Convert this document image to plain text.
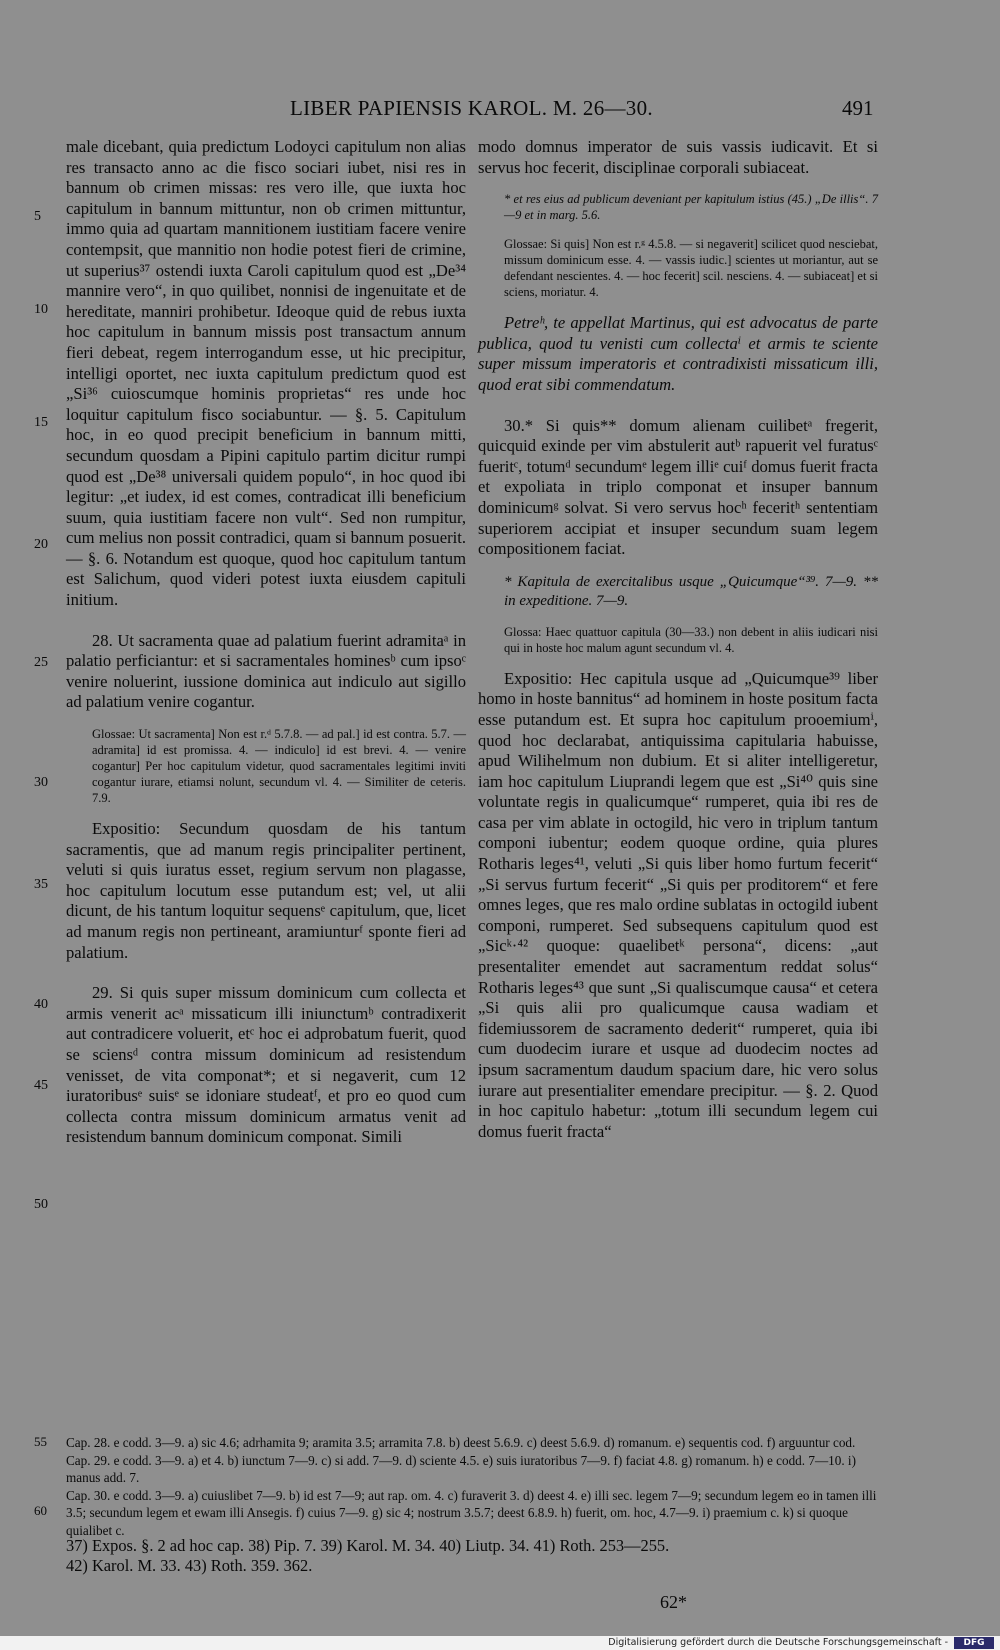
LIBER PAPIENSIS KAROL. M. 26—30.	491
5
10
15
20
25
30
35
40
45
50

male dicebant, quia predictum Lodoyci capitulum non alias res transacto anno ac die fisco sociari iubet, nisi res in bannum ob crimen missas: res vero ille, que iuxta hoc capitulum in bannum mittuntur, non ob crimen mittuntur, immo quia ad quartam mannitionem iustitiam facere venire contempsit, que mannitio non hodie potest fieri de crimine, ut superius³⁷ ostendi iuxta Caroli capitulum quod est „De³⁴ mannire vero“, in quo quilibet, nonnisi de ingenuitate et de hereditate, manniri prohibetur. Ideoque quid de rebus iuxta hoc capitulum in bannum missis post transactum annum fieri debeat, regem interrogandum esse, ut hic precipitur, intelligi oportet, nec iuxta capitulum predictum quod est „Si³⁶ cuioscumque hominis proprietas“ res unde hoc loquitur capitulum fisco sociabuntur. — §. 5. Capitulum hoc, in eo quod precipit beneficium in bannum mitti, secundum quosdam a Pipini capitulo partim dicitur rumpi quod est „De³⁸ universali quidem populo“, in hoc quod ibi legitur: „et iudex, id est comes, contradicat illi beneficium suum, quia iustitiam facere non vult“. Sed non rumpitur, cum melius non possit contradici, quam si bannum posuerit. — §. 6. Notandum est quoque, quod hoc capitulum tantum est Salichum, quod videri potest iuxta eiusdem capituli initium.

28. Ut sacramenta quae ad palatium fuerint adramitaᵃ in palatio perficiantur: et si sacramentales hominesᵇ cum ipsoᶜ venire noluerint, iussione dominica aut indiculo aut sigillo ad palatium venire cogantur.

Glossae: Ut sacramenta] Non est r.ᵈ 5.7.8. — ad pal.] id est contra. 5.7. — adramita] id est promissa. 4. — indiculo] id est brevi. 4. — venire cogantur] Per hoc capitulum videtur, quod sacramentales legitimi inviti cogantur iurare, etiamsi nolunt, secundum vl. 4. — Similiter de ceteris. 7.9.

Expositio: Secundum quosdam de his tantum sacramentis, que ad manum regis principaliter pertinent, veluti si quis iuratus esset, regium servum non plagasse, hoc capitulum locutum esse putandum est; vel, ut alii dicunt, de his tantum loquitur sequensᵉ capitulum, que, licet ad manum regis non pertineant, aramiunturᶠ sponte fieri ad palatium.

29. Si quis super missum dominicum cum collecta et armis venerit acᵃ missaticum illi iniunctumᵇ contradixerit aut contradicere voluerit, etᶜ hoc ei adprobatum fuerit, quod se sciensᵈ contra missum dominicum ad resistendum venisset, de vita componat*; et si negaverit, cum 12 iuratoribusᵉ suisᵉ se idoniare studeatᶠ, et pro eo quod cum collecta contra missum dominicum armatus venit ad resistendum bannum dominicum componat. Simili

modo domnus imperator de suis vassis iudicavit. Et si servus hoc fecerit, disciplinae corporali subiaceat.

* et res eius ad publicum deveniant per kapitulum istius (45.) „De illis“. 7—9 et in marg. 5.6.

Glossae: Si quis] Non est r.ᵍ 4.5.8. — si negaverit] scilicet quod nesciebat, missum dominicum esse. 4. — vassis iudic.] scientes ut moriantur, aut se defendant nescientes. 4. — hoc fecerit] scil. nesciens. 4. — subiaceat] et si sciens, moriatur. 4.

Petreʰ, te appellat Martinus, qui est advocatus de parte publica, quod tu venisti cum collectaⁱ et armis te sciente super missum imperatoris et contradixisti missaticum illi, quod erat sibi commendatum.

30.* Si quis** domum alienam cuilibetᵃ fregerit, quicquid exinde per vim abstulerit autᵇ rapuerit vel furatusᶜ fueritᶜ, totumᵈ secundumᵉ legem illiᵉ cuiᶠ domus fuerit fracta et expoliata in triplo componat et insuper bannum dominicumᵍ solvat. Si vero servus hocʰ feceritʰ sententiam superiorem accipiat et insuper secundum suam legem compositionem faciat.

* Kapitula de exercitalibus usque „Quicumque“³⁹. 7—9. ** in expeditione. 7—9.

Glossa: Haec quattuor capitula (30—33.) non debent in aliis iudicari nisi qui in hoste hoc malum agunt secundum vl. 4.

Expositio: Hec capitula usque ad „Quicumque³⁹ liber homo in hoste bannitus“ ad hominem in hoste positum facta esse putandum est. Et supra hoc capitulum prooemiumⁱ, quod hoc declarabat, antiquissima capitularia habuisse, apud Wilihelmum non dubium. Et si aliter intelligeretur, iam hoc capitulum Liuprandi legem que est „Si⁴⁰ quis sine voluntate regis in qualicumque“ rumperet, quia ibi res de casa per vim ablate in octogild, hic vero in triplum tantum componi iubentur; eodem quoque ordine, quia plures Rotharis leges⁴¹, veluti „Si quis liber homo furtum fecerit“ „Si servus furtum fecerit“ „Si quis per proditorem“ et fere omnes leges, que res malo ordine sublatas in octogild iubent componi, rumperet. Sed subsequens capitulum quod est „Sicᵏ·⁴² quoque: quaelibetᵏ persona“, dicens: „aut presentaliter emendet aut sacramentum reddat solus“ Rotharis leges⁴³ que sunt „Si qualiscumque causa“ et cetera „Si quis alii pro qualicumque causa wadiam et fidemiussorem de sacramento dederit“ rumperet, quia ibi cum duodecim iurare et usque ad duodecim noctes ad ipsum sacramentum daudum spacium dare, hic vero solus iurare aut presentialiter emendare precipitur. — §. 2. Quod in hoc capitulo habetur: „totum illi secundum legem cui domus fuerit fracta“

55
60

Cap. 28. e codd. 3—9. a) sic 4.6; adrhamita 9; aramita 3.5; arramita 7.8. b) deest 5.6.9. c) deest 5.6.9. d) romanum. e) sequentis cod. f) arguuntur cod.

Cap. 29. e codd. 3—9. a) et 4. b) iunctum 7—9. c) si add. 7—9. d) sciente 4.5. e) suis iuratoribus 7—9. f) faciat 4.8. g) romanum. h) e codd. 7—10. i) manus add. 7.

Cap. 30. e codd. 3—9. a) cuiuslibet 7—9. b) id est 7—9; aut rap. om. 4. c) furaverit 3. d) deest 4. e) illi sec. legem 7—9; secundum legem eo in tamen illi 3.5; secundum legem et ewam illi Ansegis. f) cuius 7—9. g) sic 4; nostrum 3.5.7; deest 6.8.9. h) fuerit, om. hoc, 4.7—9. i) praemium c. k) si quoque quialibet c.

37) Expos. §. 2 ad hoc cap. 38) Pip. 7. 39) Karol. M. 34. 40) Liutp. 34. 41) Roth. 253—255.

42) Karol. M. 33. 43) Roth. 359. 362.

62*
Digitalisierung gefördert durch die Deutsche Forschungsgemeinschaft -	DFG
